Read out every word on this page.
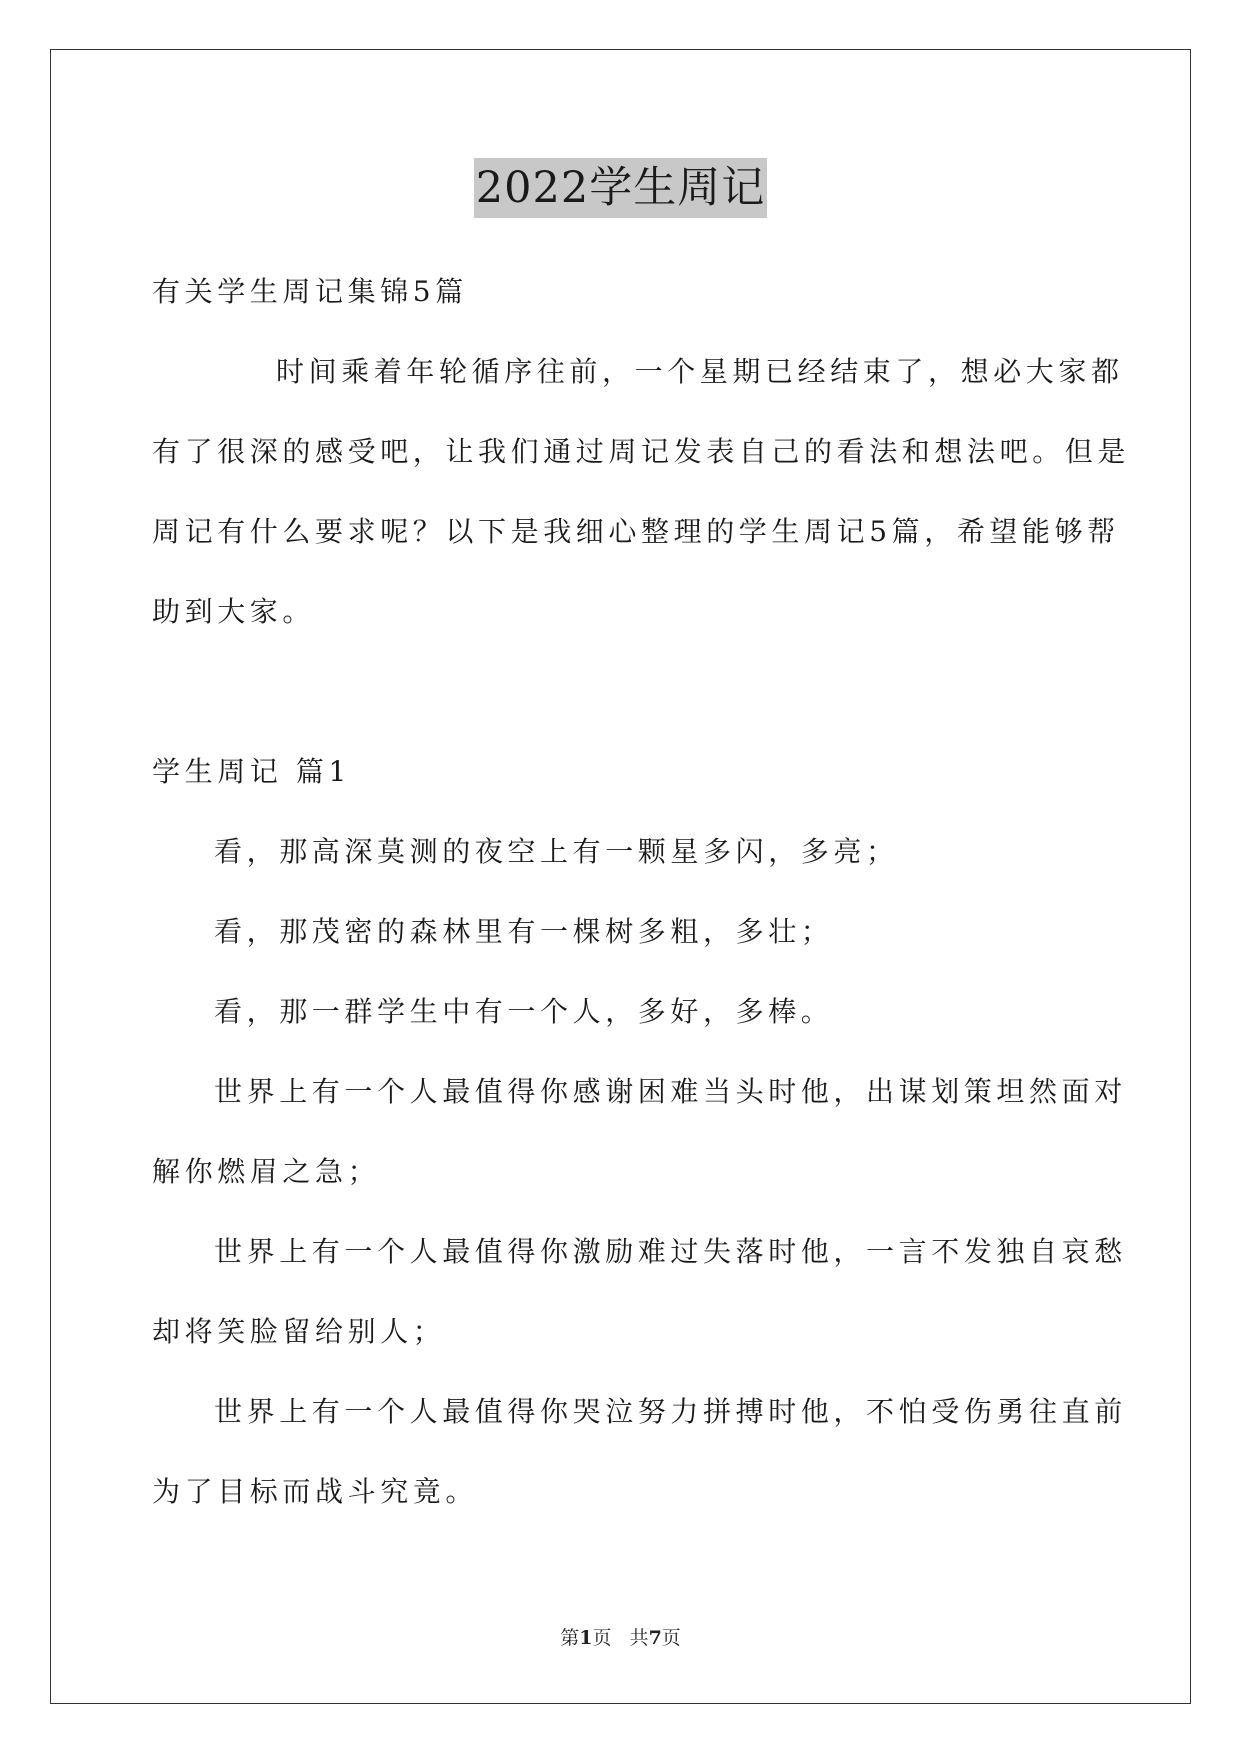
2022学生周记
有关学生周记集锦5篇
时间乘着年轮循序往前，一个星期已经结束了，想必大家都
有了很深的感受吧，让我们通过周记发表自己的看法和想法吧。但是
周记有什么要求呢？以下是我细心整理的学生周记5篇，希望能够帮
助到大家。
学生周记 篇1
看，那高深莫测的夜空上有一颗星多闪，多亮；
看，那茂密的森林里有一棵树多粗，多壮；
看，那一群学生中有一个人，多好，多棒。
世界上有一个人最值得你感谢困难当头时他，出谋划策坦然面对
解你燃眉之急；
世界上有一个人最值得你激励难过失落时他，一言不发独自哀愁
却将笑脸留给别人；
世界上有一个人最值得你哭泣努力拼搏时他，不怕受伤勇往直前
为了目标而战斗究竟。
第1页   共7页
